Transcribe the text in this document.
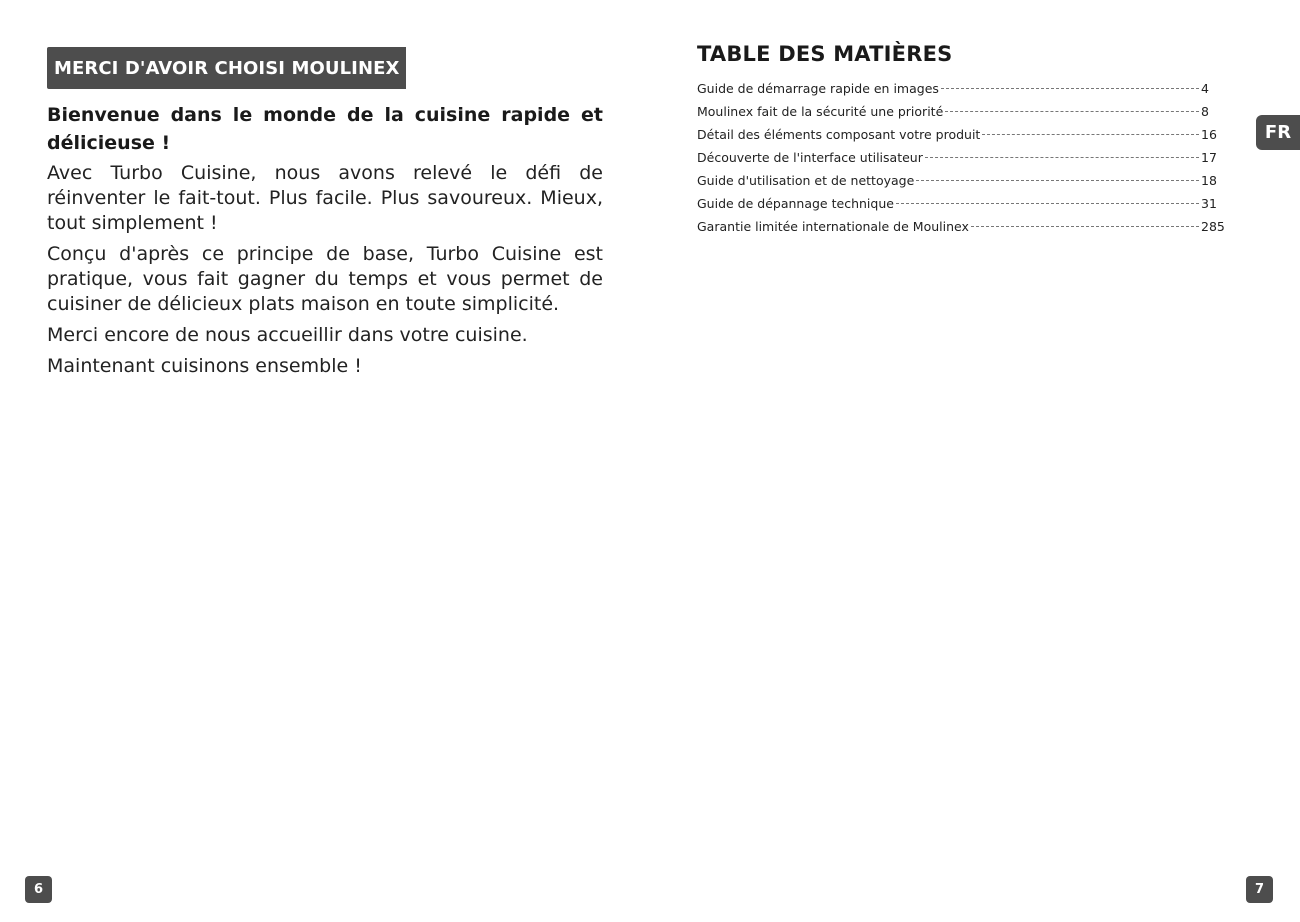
MERCI D'AVOIR CHOISI MOULINEX
Bienvenue dans le monde de la cuisine rapide et délicieuse !

Avec Turbo Cuisine, nous avons relevé le défi de réinventer le fait-tout. Plus facile. Plus savoureux. Mieux, tout simplement !

Conçu d'après ce principe de base, Turbo Cuisine est pratique, vous fait gagner du temps et vous permet de cuisiner de délicieux plats maison en toute simplicité.

Merci encore de nous accueillir dans votre cuisine.

Maintenant cuisinons ensemble !

6
TABLE DES MATIÈRES
Guide de démarrage rapide en images	4
Moulinex fait de la sécurité une priorité	8
Détail des éléments composant votre produit	16
Découverte de l'interface utilisateur	17
Guide d'utilisation et de nettoyage	18
Guide de dépannage technique	31
Garantie limitée internationale de Moulinex	285
FR
7
